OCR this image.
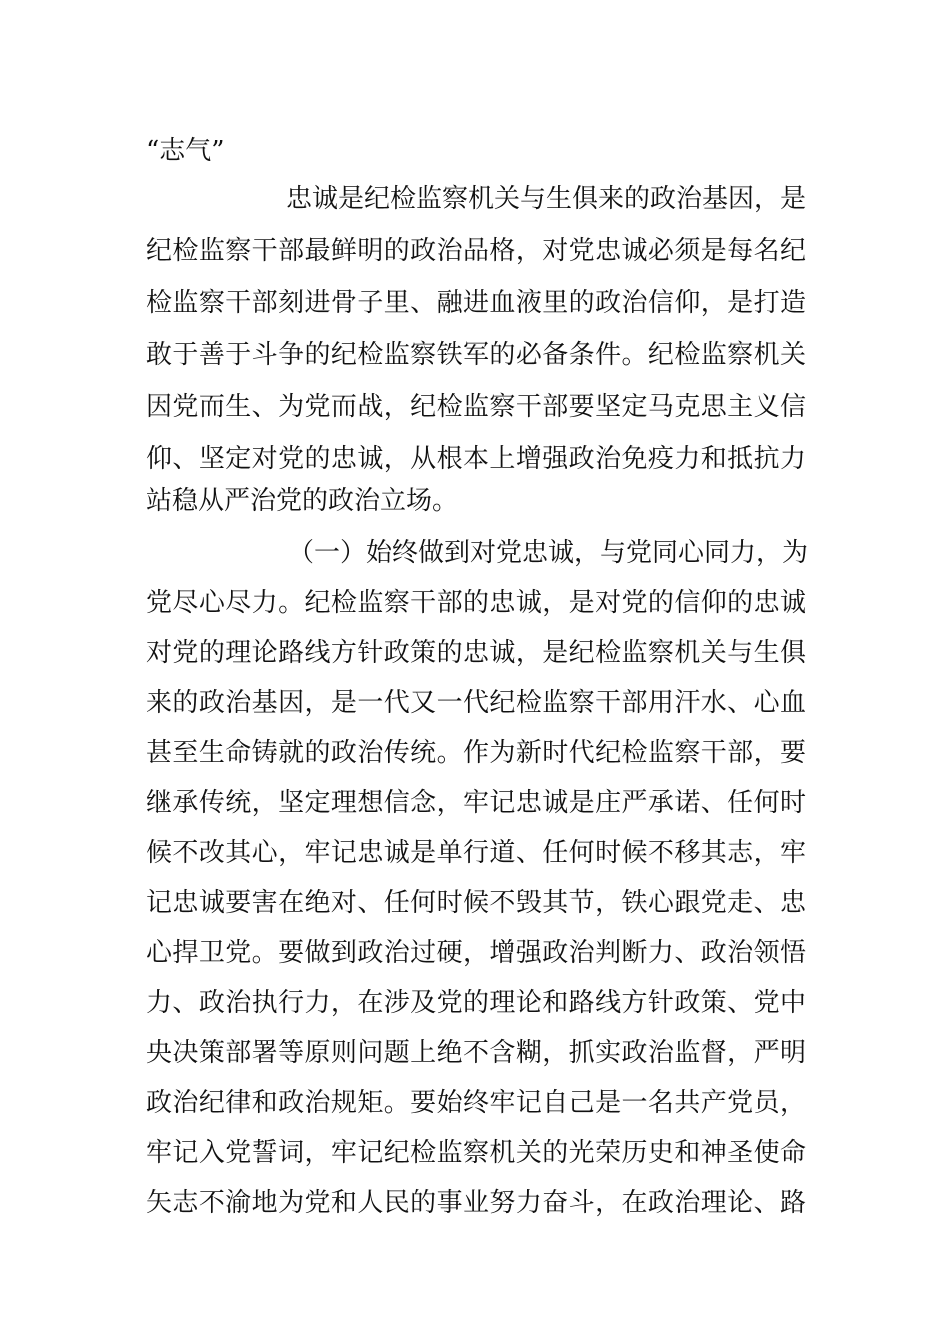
“志气”
忠诚是纪检监察机关与生俱来的政治基因，是
纪检监察干部最鲜明的政治品格，对党忠诚必须是每名纪
检监察干部刻进骨子里、融进血液里的政治信仰，是打造
敢于善于斗争的纪检监察铁军的必备条件。纪检监察机关
因党而生、为党而战，纪检监察干部要坚定马克思主义信
仰、坚定对党的忠诚，从根本上增强政治免疫力和抵抗力
站稳从严治党的政治立场。
（一）始终做到对党忠诚，与党同心同力，为
党尽心尽力。纪检监察干部的忠诚，是对党的信仰的忠诚
对党的理论路线方针政策的忠诚，是纪检监察机关与生俱
来的政治基因，是一代又一代纪检监察干部用汗水、心血
甚至生命铸就的政治传统。作为新时代纪检监察干部，要
继承传统，坚定理想信念，牢记忠诚是庄严承诺、任何时
候不改其心，牢记忠诚是单行道、任何时候不移其志，牢
记忠诚要害在绝对、任何时候不毁其节，铁心跟党走、忠
心捍卫党。要做到政治过硬，增强政治判断力、政治领悟
力、政治执行力，在涉及党的理论和路线方针政策、党中
央决策部署等原则问题上绝不含糊，抓实政治监督，严明
政治纪律和政治规矩。要始终牢记自己是一名共产党员，
牢记入党誓词，牢记纪检监察机关的光荣历史和神圣使命
矢志不渝地为党和人民的事业努力奋斗，在政治理论、路
